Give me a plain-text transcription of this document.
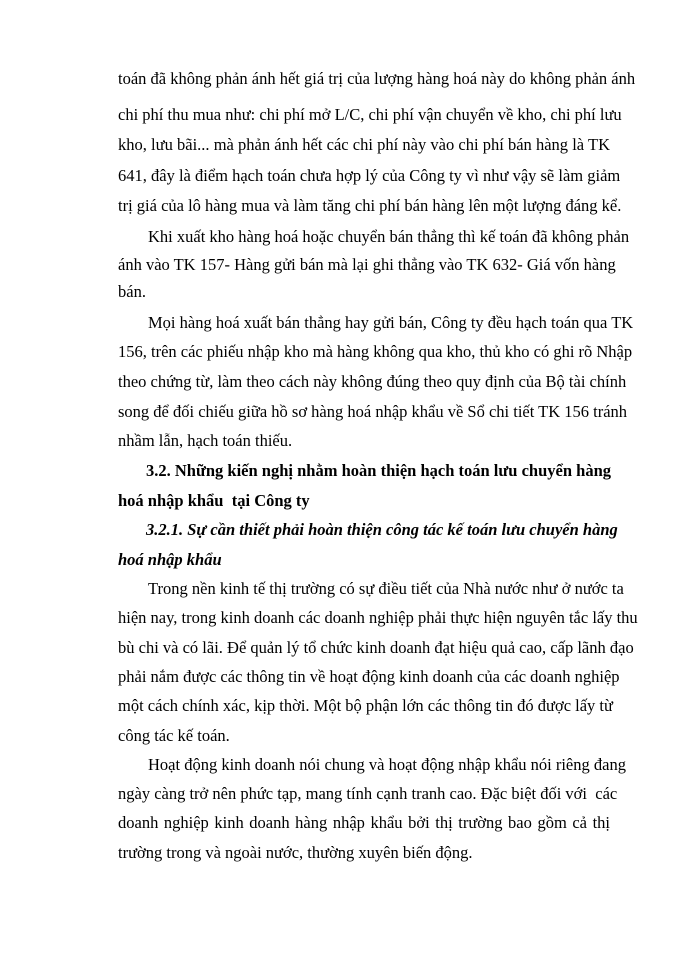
toán đã không phản ánh hết giá trị của lượng hàng hoá này do không phản ánh
chi phí thu mua như: chi phí mở L/C, chi phí vận chuyển về kho, chi phí lưu
kho, lưu bãi... mà phản ánh hết các chi phí này vào chi phí bán hàng là TK
641, đây là điểm hạch toán chưa hợp lý của Công ty vì như vậy sẽ làm giảm
trị giá của lô hàng mua và làm tăng chi phí bán hàng lên một lượng đáng kể.
Khi xuất kho hàng hoá hoặc chuyển bán thẳng thì kế toán đã không phản
ánh vào TK 157- Hàng gửi bán mà lại ghi thẳng vào TK 632- Giá vốn hàng
bán.
Mọi hàng hoá xuất bán thẳng hay gửi bán, Công ty đều hạch toán qua TK
156, trên các phiếu nhập kho mà hàng không qua kho, thủ kho có ghi rõ Nhập
theo chứng từ, làm theo cách này không đúng theo quy định của Bộ tài chính
song để đối chiếu giữa hồ sơ hàng hoá nhập khẩu về Sổ chi tiết TK 156 tránh
nhầm lẫn, hạch toán thiếu.
3.2. Những kiến nghị nhằm hoàn thiện hạch toán lưu chuyển hàng
hoá nhập khẩu  tại Công ty
3.2.1. Sự cần thiết phải hoàn thiện công tác kế toán lưu chuyển hàng
hoá nhập khẩu
Trong nền kinh tế thị trường có sự điều tiết của Nhà nước như ở nước ta
hiện nay, trong kinh doanh các doanh nghiệp phải thực hiện nguyên tắc lấy thu
bù chi và có lãi. Để quản lý tổ chức kinh doanh đạt hiệu quả cao, cấp lãnh đạo
phải nắm được các thông tin về hoạt động kinh doanh của các doanh nghiệp
một cách chính xác, kịp thời. Một bộ phận lớn các thông tin đó được lấy từ
công tác kế toán.
Hoạt động kinh doanh nói chung và hoạt động nhập khẩu nói riêng đang
ngày càng trở nên phức tạp, mang tính cạnh tranh cao. Đặc biệt đối với  các
doanh nghiệp kinh doanh hàng nhập khẩu bởi thị trường bao gồm cả thị
trường trong và ngoài nước, thường xuyên biến động.
